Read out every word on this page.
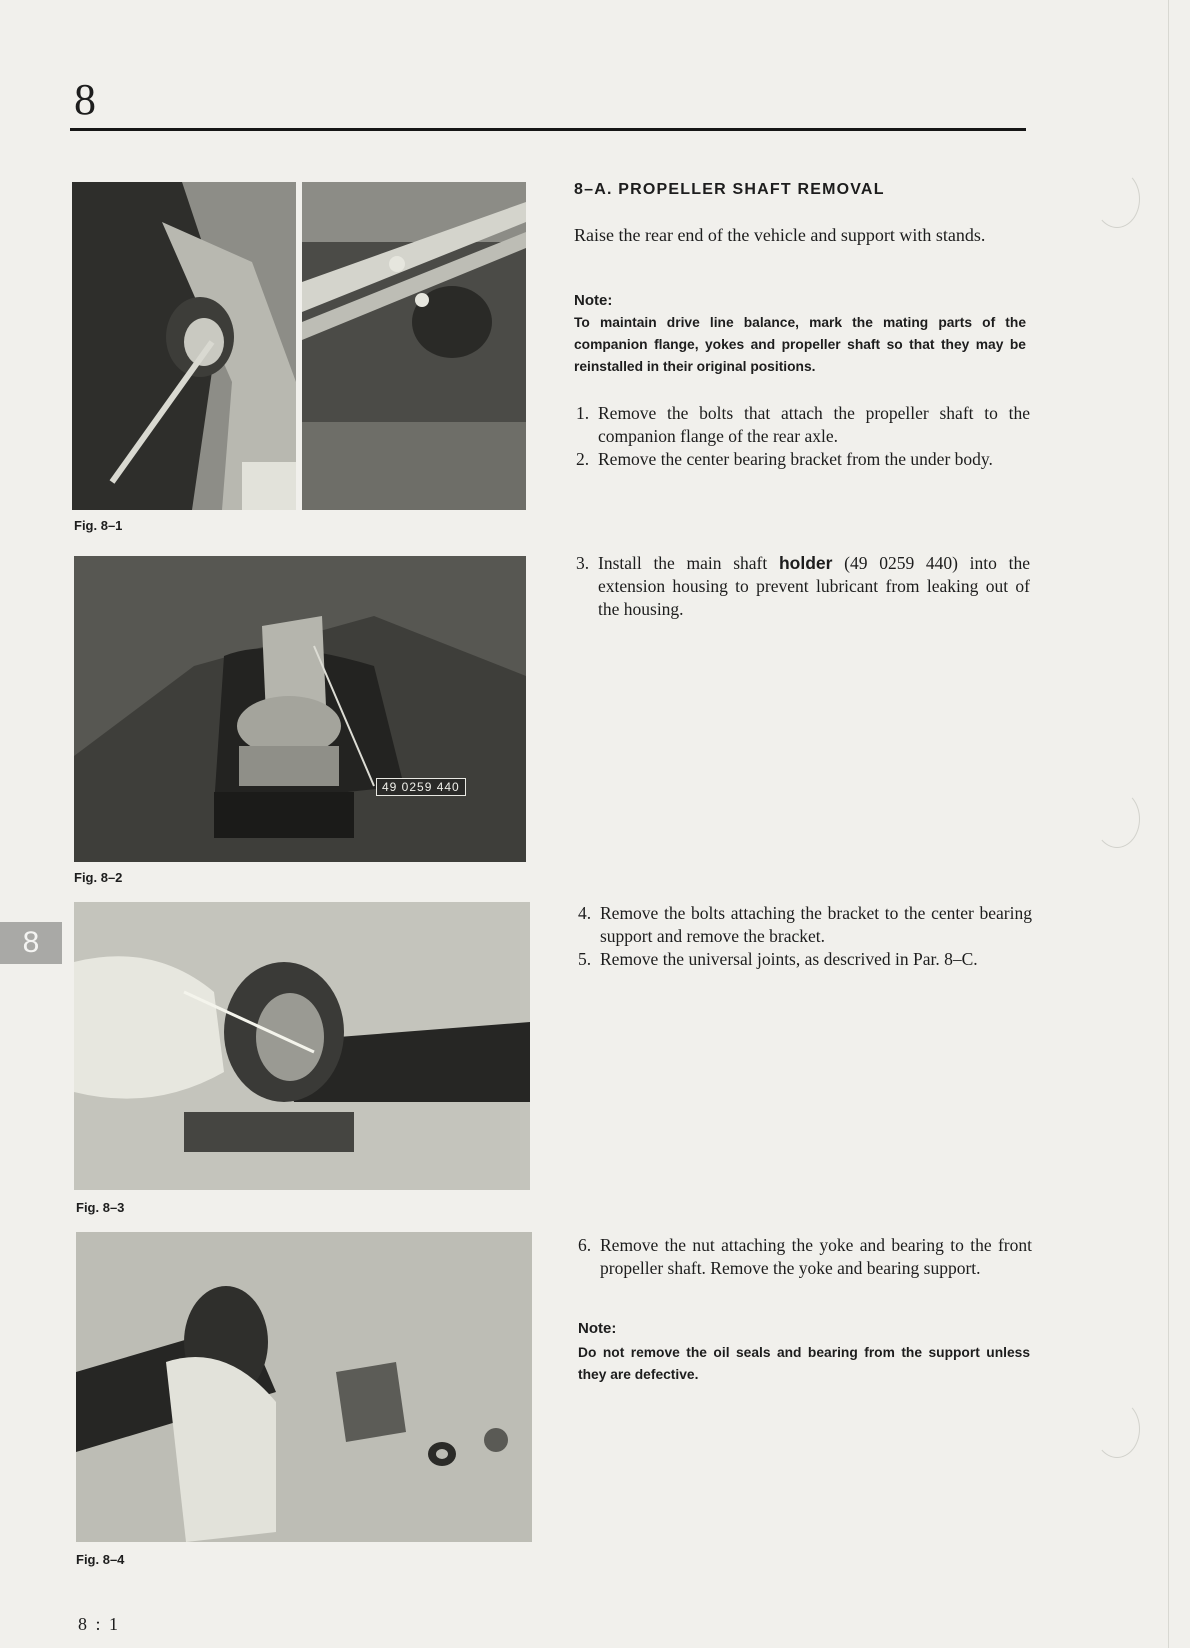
8
8
Fig. 8–1
49 0259 440
Fig. 8–2
Fig. 8–3
Fig. 8–4
8–A. PROPELLER SHAFT REMOVAL
Raise the rear end of the vehicle and support with stands.
Note:
To maintain drive line balance, mark the mating parts of the companion flange, yokes and propeller shaft so that they may be reinstalled in their original positions.
1. Remove the bolts that attach the propeller shaft to the companion flange of the rear axle.
2. Remove the center bearing bracket from the under body.
3. Install the main shaft holder (49 0259 440) into the extension housing to prevent lubricant from leaking out of the housing.
4. Remove the bolts attaching the bracket to the center bearing support and remove the bracket.
5. Remove the universal joints, as descrived in Par. 8–C.
6. Remove the nut attaching the yoke and bearing to the front propeller shaft. Remove the yoke and bearing support.
Note:
Do not remove the oil seals and bearing from the support unless they are defective.
8 : 1
